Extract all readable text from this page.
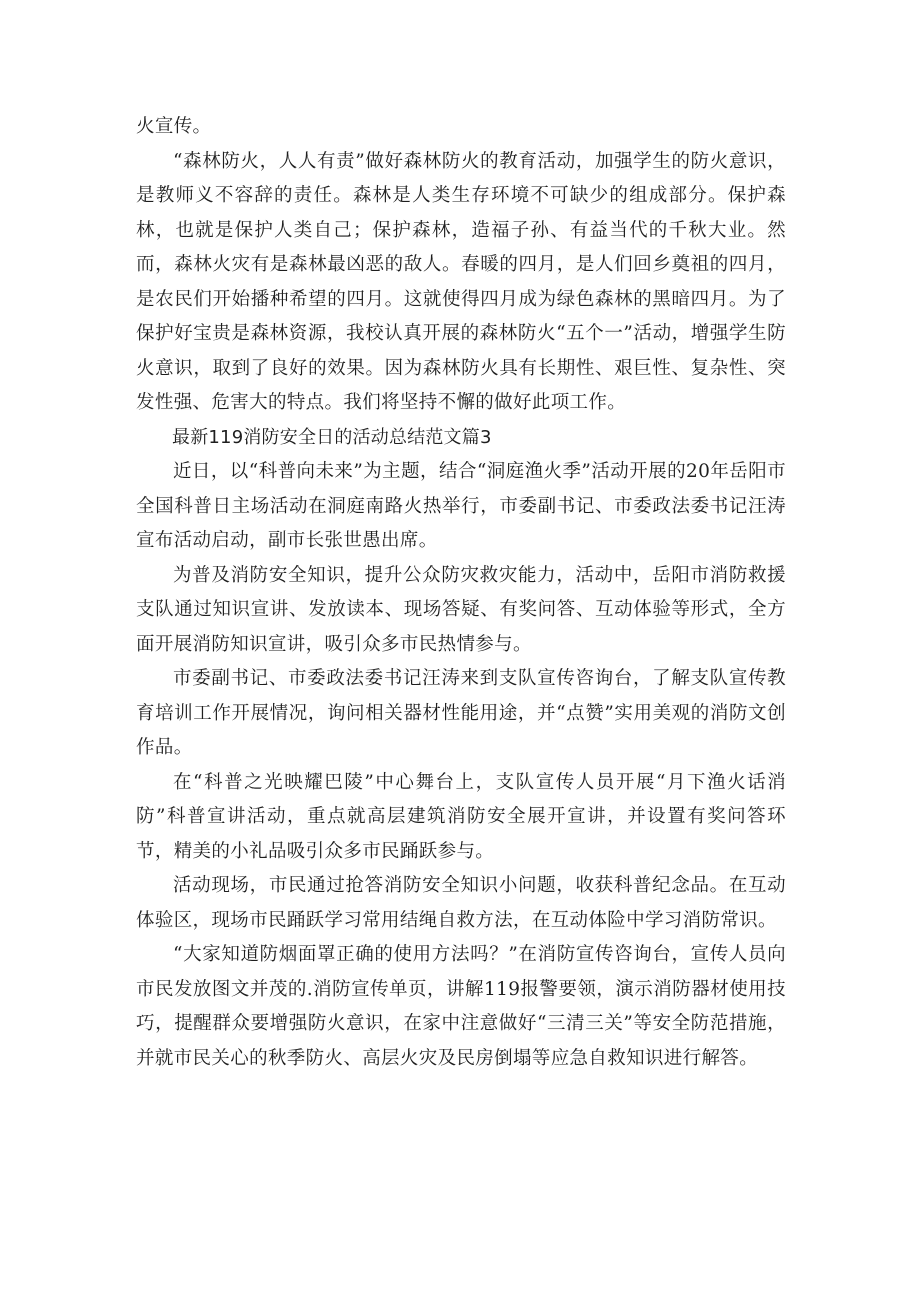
火宣传。

“森林防火，人人有责”做好森林防火的教育活动，加强学生的防火意识，是教师义不容辞的责任。森林是人类生存环境不可缺少的组成部分。保护森林，也就是保护人类自己；保护森林，造福子孙、有益当代的千秋大业。然而，森林火灾有是森林最凶恶的敌人。春暖的四月，是人们回乡奠祖的四月，是农民们开始播种希望的四月。这就使得四月成为绿色森林的黑暗四月。为了保护好宝贵是森林资源，我校认真开展的森林防火“五个一”活动，增强学生防火意识，取到了良好的效果。因为森林防火具有长期性、艰巨性、复杂性、突发性强、危害大的特点。我们将坚持不懈的做好此项工作。

最新119消防安全日的活动总结范文篇3

近日，以“科普向未来”为主题，结合“洞庭渔火季”活动开展的20年岳阳市全国科普日主场活动在洞庭南路火热举行，市委副书记、市委政法委书记汪涛宣布活动启动，副市长张世愚出席。

为普及消防安全知识，提升公众防灾救灾能力，活动中，岳阳市消防救援支队通过知识宣讲、发放读本、现场答疑、有奖问答、互动体验等形式，全方面开展消防知识宣讲，吸引众多市民热情参与。

市委副书记、市委政法委书记汪涛来到支队宣传咨询台，了解支队宣传教育培训工作开展情况，询问相关器材性能用途，并“点赞”实用美观的消防文创作品。

在“科普之光映耀巴陵”中心舞台上，支队宣传人员开展“月下渔火话消防”科普宣讲活动，重点就高层建筑消防安全展开宣讲，并设置有奖问答环节，精美的小礼品吸引众多市民踊跃参与。

活动现场，市民通过抢答消防安全知识小问题，收获科普纪念品。在互动体验区，现场市民踊跃学习常用结绳自救方法，在互动体险中学习消防常识。

“大家知道防烟面罩正确的使用方法吗？”在消防宣传咨询台，宣传人员向市民发放图文并茂的.消防宣传单页，讲解119报警要领，演示消防器材使用技巧，提醒群众要增强防火意识，在家中注意做好“三清三关”等安全防范措施，并就市民关心的秋季防火、高层火灾及民房倒塌等应急自救知识进行解答。
